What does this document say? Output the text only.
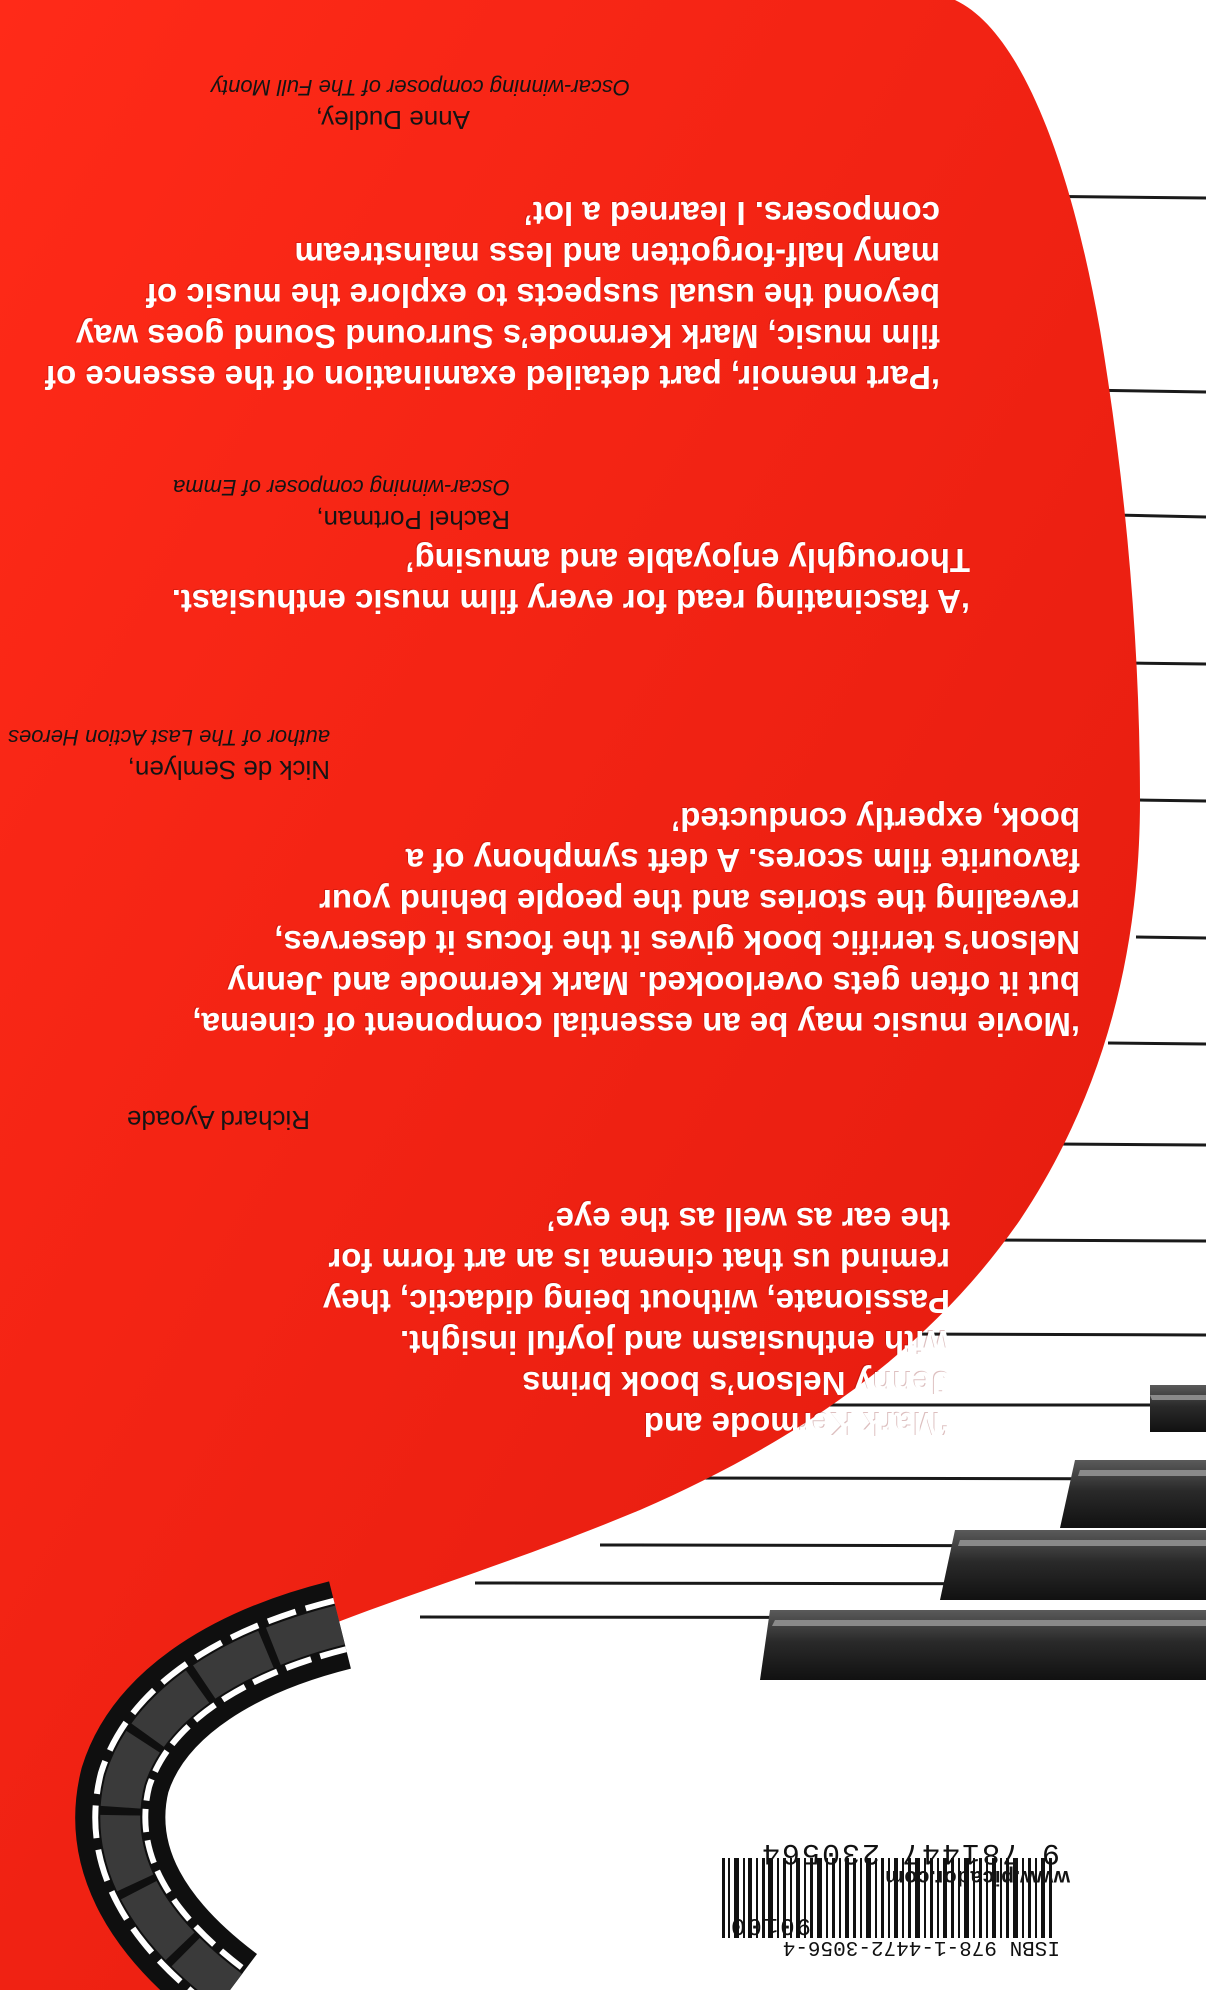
‘Mark Kermode and
Jenny Nelson’s book brims
with enthusiasm and joyful insight.
Passionate, without being didactic, they
remind us that cinema is an art form for
the ear as well as the eye’
Richard Ayoade
‘Movie music may be an essential component of cinema,
but it often gets overlooked. Mark Kermode and Jenny
Nelson’s terrific book gives it the focus it deserves,
revealing the stories and the people behind your
favourite film scores. A deft symphony of a
book, expertly conducted’
Nick de Semlyen,
author of The Last Action Heroes
‘A fascinating read for every film music enthusiast.
Thoroughly enjoyable and amusing’
Rachel Portman,
Oscar-winning composer of Emma
‘Part memoir, part detailed examination of the essence of
film music, Mark Kermode’s Surround Sound goes way
beyond the usual suspects to explore the music of
many half-forgotten and less mainstream
composers. I learned a lot’
Anne Dudley,
Oscar-winning composer of The Full Monty
www.picador.com
9 781447 230564
ISBN 978-1-4472-3056-4
90100
